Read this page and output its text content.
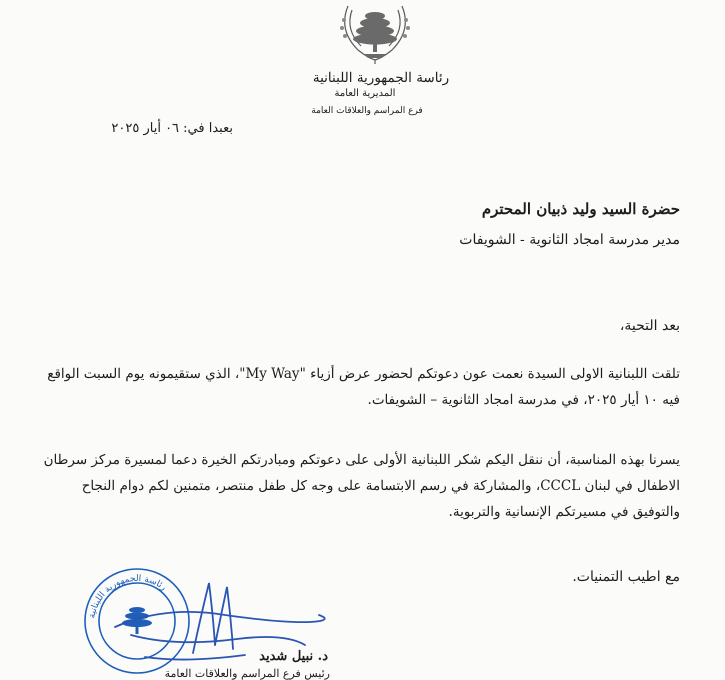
رئاسة الجمهورية اللبنانية
المديرية العامة
فرع المراسم والعلاقات العامة
بعبدا في: ٠٦ أيار ٢٠٢٥
حضرة السيد وليد ذبيان المحترم
مدير مدرسة امجاد الثانوية - الشويفات
بعد التحية،
تلقت اللبنانية الاولى السيدة نعمت عون دعوتكم لحضور عرض أزياء "My Way"، الذي ستقيمونه يوم السبت الواقع فيه ١٠ أيار ٢٠٢٥، في مدرسة امجاد الثانوية – الشويفات.
يسرنا بهذه المناسبة، أن ننقل اليكم شكر اللبنانية الأولى على دعوتكم ومبادرتكم الخيرة دعما لمسيرة مركز سرطان الاطفال في لبنان CCCL، والمشاركة في رسم الابتسامة على وجه كل طفل منتصر، متمنين لكم دوام النجاح والتوفيق في مسيرتكم الإنسانية والتربوية.
مع اطيب التمنيات.
رئاسة الجمهورية اللبنانية
د. نبيل شديد
رئيس فرع المراسم والعلاقات العامة
